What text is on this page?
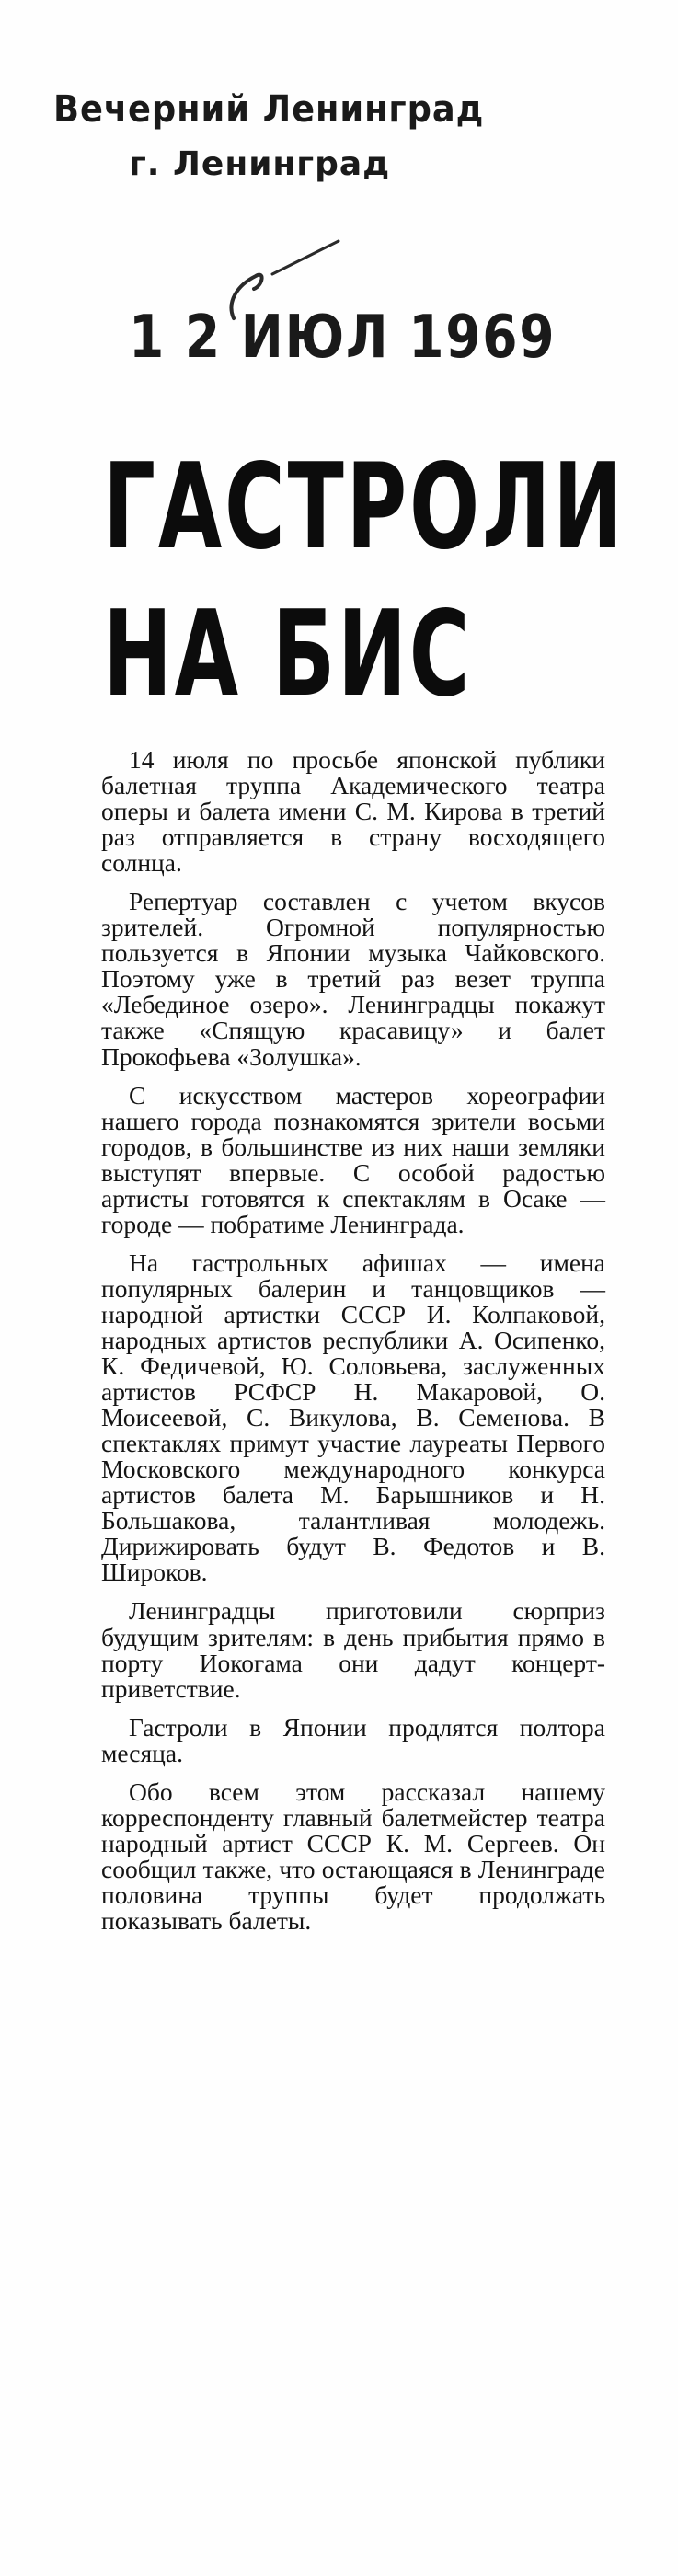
Вечерний Ленинград
г. Ленинград
1 2 ИЮЛ 1969
ГАСТРОЛИ
НА БИС

14 июля по просьбе японской публики балетная труппа Академического театра оперы и балета имени С. М. Кирова в третий раз отправляется в страну восходящего солнца.

Репертуар составлен с учетом вкусов зрителей. Огромной популярностью пользуется в Японии музыка Чайковского. Поэтому уже в третий раз везет труппа «Лебединое озеро». Ленинградцы покажут также «Спящую красавицу» и балет Прокофьева «Золушка».

С искусством мастеров хореографии нашего города познакомятся зрители восьми городов, в большинстве из них наши земляки выступят впервые. С особой радостью артисты готовятся к спектаклям в Осаке — городе — побратиме Ленинграда.

На гастрольных афишах — имена популярных балерин и танцовщиков — народной артистки СССР И. Колпаковой, народных артистов республики А. Осипенко, К. Федичевой, Ю. Соловьева, заслуженных артистов РСФСР Н. Макаровой, О. Моисеевой, С. Викулова, В. Семенова. В спектаклях примут участие лауреаты Первого Московского международного конкурса артистов балета М. Барышников и Н. Большакова, талантливая молодежь. Дирижировать будут В. Федотов и В. Широков.

Ленинградцы приготовили сюрприз будущим зрителям: в день прибытия прямо в порту Иокогама они дадут концерт-приветствие.

Гастроли в Японии продлятся полтора месяца.

Обо всем этом рассказал нашему корреспонденту главный балетмейстер театра народный артист СССР К. М. Сергеев. Он сообщил также, что остающаяся в Ленинграде половина труппы будет продолжать показывать балеты.
